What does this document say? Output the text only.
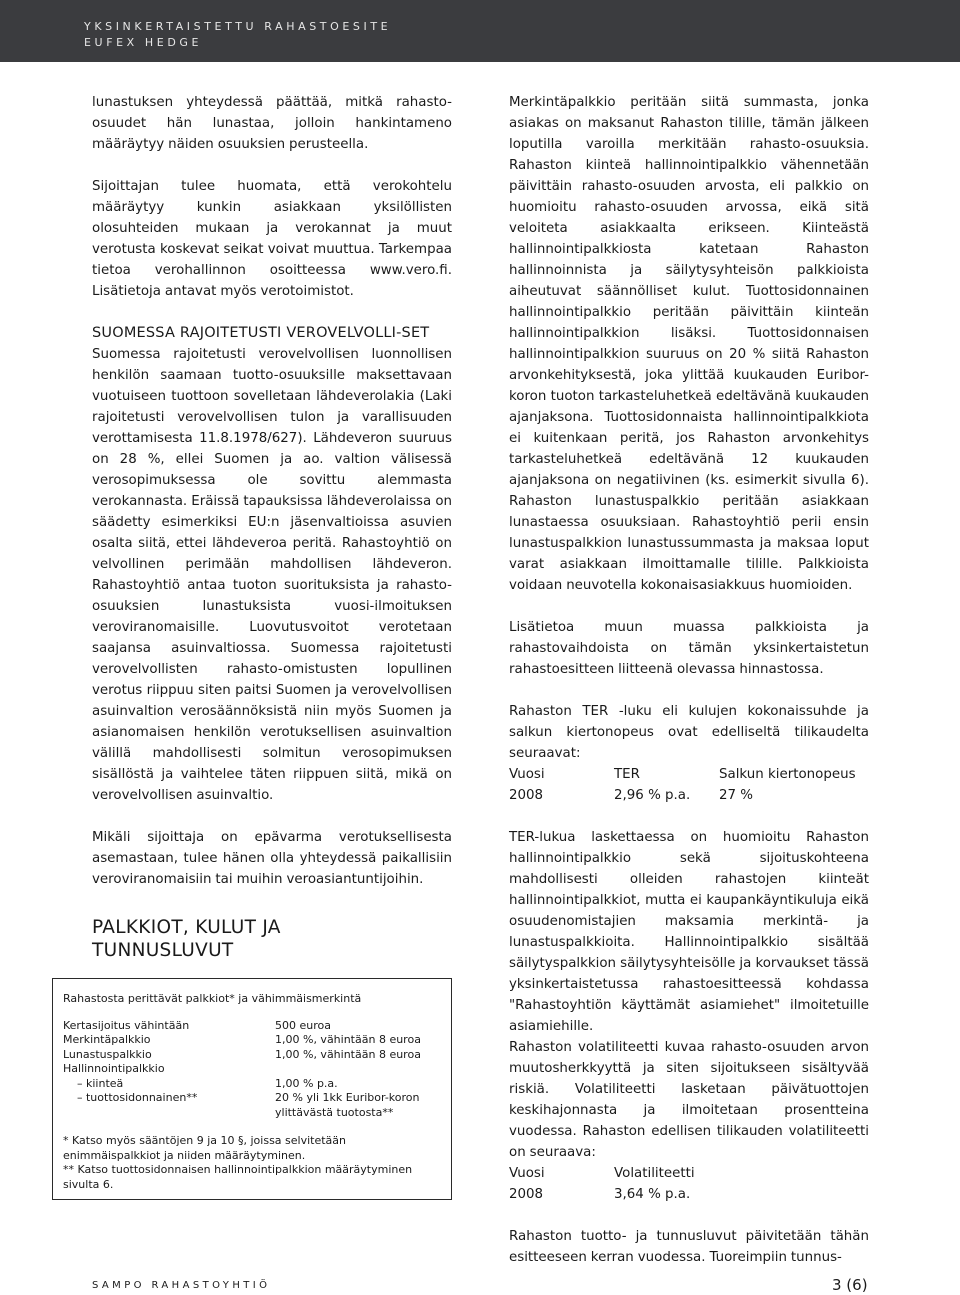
YKSINKERTAISTETTU RAHASTOESITE
EUFEX HEDGE

lunastuksen yhteydessä päättää, mitkä rahasto-osuudet hän lunastaa, jolloin hankintameno määräytyy näiden osuuksien perusteella.

Sijoittajan tulee huomata, että verokohtelu määräytyy kunkin asiakkaan yksilöllisten olosuhteiden mukaan ja verokannat ja muut verotusta koskevat seikat voivat muuttua. Tarkempaa tietoa verohallinnon osoitteessa www.vero.fi. Lisätietoja antavat myös verotoimistot.

SUOMESSA RAJOITETUSTI VEROVELVOLLI-SET

Suomessa rajoitetusti verovelvollisen luonnollisen henkilön saamaan tuotto-osuuksille maksettavaan vuotuiseen tuottoon sovelletaan lähdeverolakia (Laki rajoitetusti verovelvollisen tulon ja varallisuuden verottamisesta 11.8.1978/627). Lähdeveron suuruus on 28 %, ellei Suomen ja ao. valtion välisessä verosopimuksessa ole sovittu alemmasta verokannasta. Eräissä tapauksissa lähdeverolaissa on säädetty esimerkiksi EU:n jäsenvaltioissa asuvien osalta siitä, ettei lähdeveroa peritä. Rahastoyhtiö on velvollinen perimään mahdollisen lähdeveron. Rahastoyhtiö antaa tuoton suorituksista ja rahasto-osuuksien lunastuksista vuosi-ilmoituksen veroviranomaisille. Luovutusvoitot verotetaan saajansa asuinvaltiossa. Suomessa rajoitetusti verovelvollisten rahasto-omistusten lopullinen verotus riippuu siten paitsi Suomen ja verovelvollisen asuinvaltion verosäännöksistä niin myös Suomen ja asianomaisen henkilön verotuksellisen asuinvaltion välillä mahdollisesti solmitun verosopimuksen sisällöstä ja vaihtelee täten riippuen siitä, mikä on verovelvollisen asuinvaltio.

Mikäli sijoittaja on epävarma verotuksellisesta asemastaan, tulee hänen olla yhteydessä paikallisiin veroviranomaisiin tai muihin veroasiantuntijoihin.

PALKKIOT, KULUT JA TUNNUSLUVUT

Rahastosta perittävät palkkiot* ja vähimmäismerkintä

Kertasijoitus vähintään	500 euroa
Merkintäpalkkio	1,00 %, vähintään 8 euroa
Lunastuspalkkio	1,00 %, vähintään 8 euroa
Hallinnointipalkkio
– kiinteä	1,00 % p.a.
– tuottosidonnainen**	20 % yli 1kk Euribor-koron ylittävästä tuotosta**

* Katso myös sääntöjen 9 ja 10 §, joissa selvitetään enimmäispalkkiot ja niiden määräytyminen.

** Katso tuottosidonnaisen hallinnointipalkkion määräytyminen sivulta 6.

Merkintäpalkkio peritään siitä summasta, jonka asiakas on maksanut Rahaston tilille, tämän jälkeen loputilla varoilla merkitään rahasto-osuuksia. Rahaston kiinteä hallinnointipalkkio vähennetään päivittäin rahasto-osuuden arvosta, eli palkkio on huomioitu rahasto-osuuden arvossa, eikä sitä veloiteta asiakkaalta erikseen. Kiinteästä hallinnointipalkkiosta katetaan Rahaston hallinnoinnista ja säilytysyhteisön palkkioista aiheutuvat säännölliset kulut. Tuottosidonnainen hallinnointipalkkio peritään päivittäin kiinteän hallinnointipalkkion lisäksi. Tuottosidonnaisen hallinnointipalkkion suuruus on 20 % siitä Rahaston arvonkehityksestä, joka ylittää kuukauden Euribor-koron tuoton tarkasteluhetkeä edeltävänä kuukauden ajanjaksona. Tuottosidonnaista hallinnointipalkkiota ei kuitenkaan peritä, jos Rahaston arvonkehitys tarkasteluhetkeä edeltävänä 12 kuukauden ajanjaksona on negatiivinen (ks. esimerkit sivulla 6). Rahaston lunastuspalkkio peritään asiakkaan lunastaessa osuuksiaan. Rahastoyhtiö perii ensin lunastuspalkkion lunastussummasta ja maksaa loput varat asiakkaan ilmoittamalle tilille. Palkkioista voidaan neuvotella kokonaisasiakkuus huomioiden.

Lisätietoa muun muassa palkkioista ja rahastovaihdoista on tämän yksinkertaistetun rahastoesitteen liitteenä olevassa hinnastossa.

Rahaston TER -luku eli kulujen kokonaissuhde ja salkun kiertonopeus ovat edelliseltä tilikaudelta seuraavat:

Vuosi	TER	Salkun kiertonopeus
2008	2,96 % p.a.	27 %

TER-lukua laskettaessa on huomioitu Rahaston hallinnointipalkkio sekä sijoituskohteena mahdollisesti olleiden rahastojen kiinteät hallinnointipalkkiot, mutta ei kaupankäyntikuluja eikä osuudenomistajien maksamia merkintä- ja lunastuspalkkioita. Hallinnointipalkkio sisältää säilytyspalkkion säilytysyhteisölle ja korvaukset tässä yksinkertaistetussa rahastoesitteessä kohdassa "Rahastoyhtiön käyttämät asiamiehet" ilmoitetuille asiamiehille.

Rahaston volatiliteetti kuvaa rahasto-osuuden arvon muutosherkkyyttä ja siten sijoitukseen sisältyvää riskiä. Volatiliteetti lasketaan päivätuottojen keskihajonnasta ja ilmoitetaan prosentteina vuodessa. Rahaston edellisen tilikauden volatiliteetti on seuraava:

Vuosi	Volatiliteetti
2008	3,64 % p.a.

Rahaston tuotto- ja tunnusluvut päivitetään tähän esitteeseen kerran vuodessa. Tuoreimpiin tunnus-

SAMPO RAHASTOYHTIÖ	3 (6)
